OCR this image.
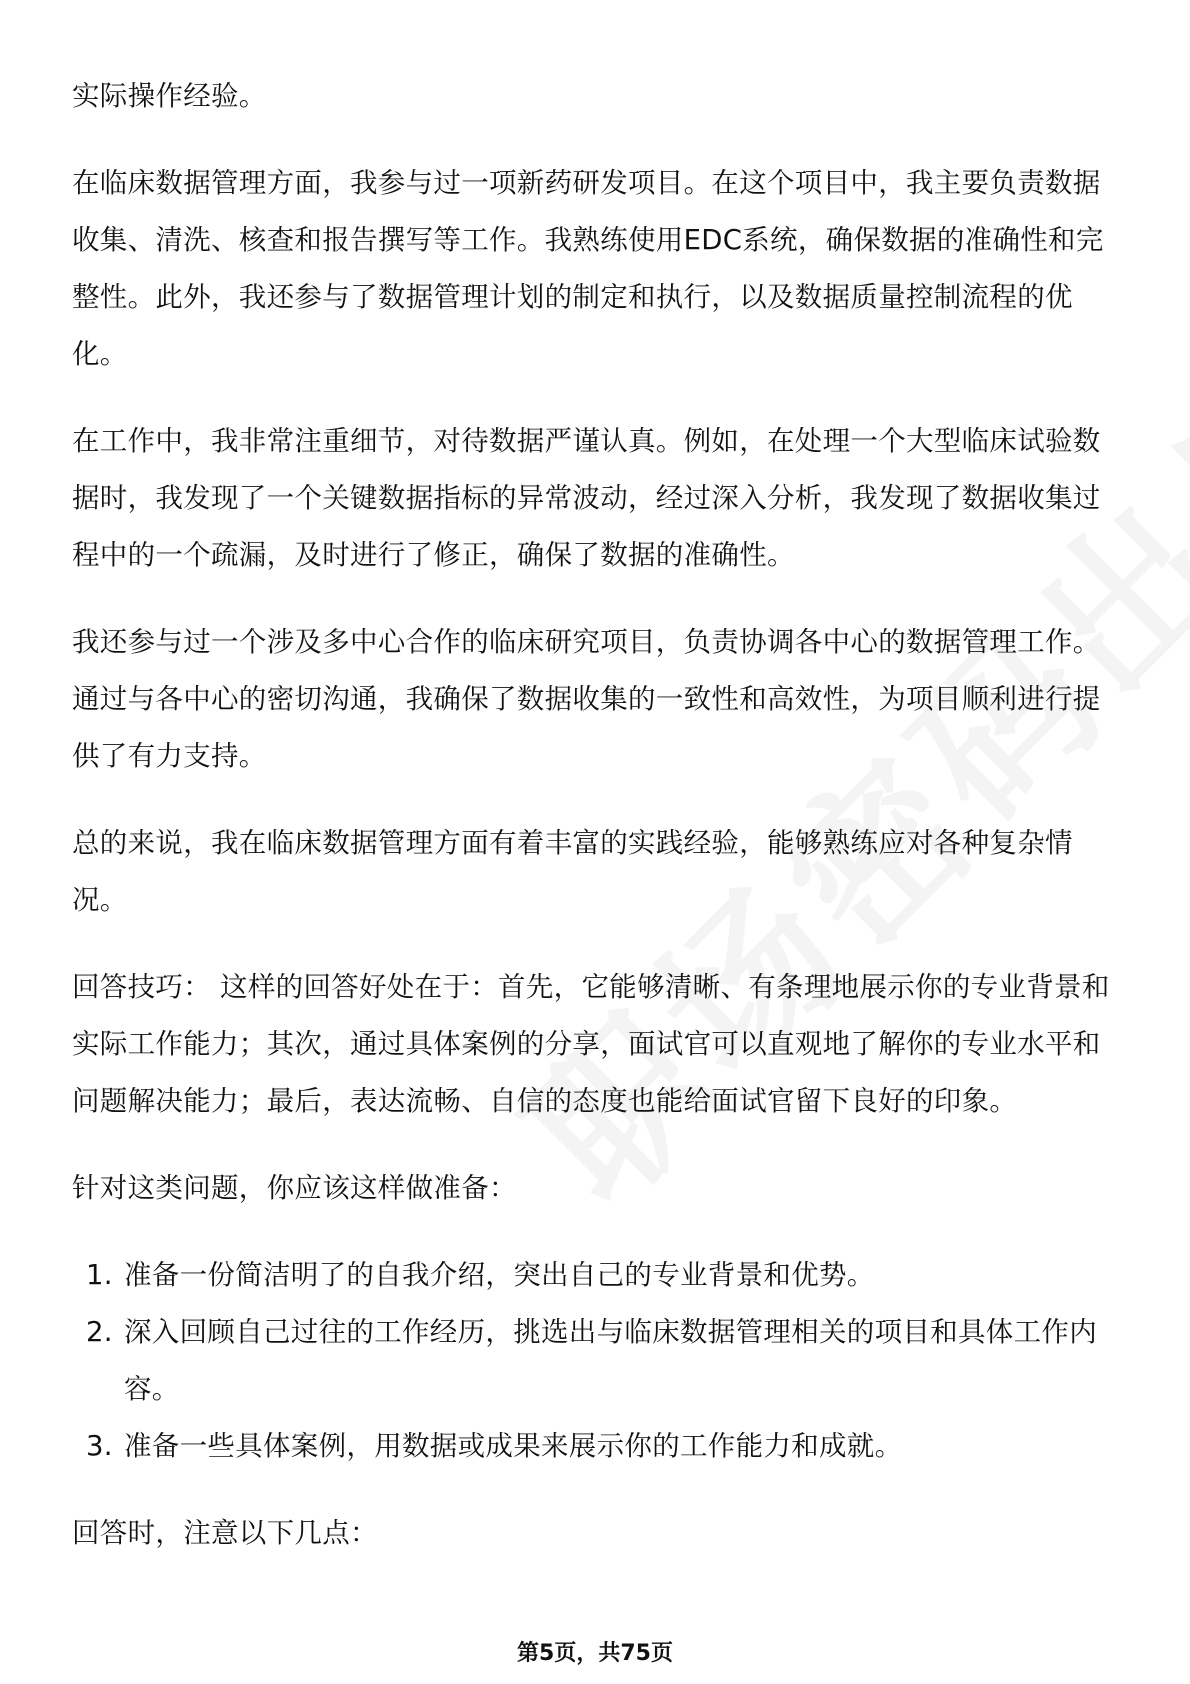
实际操作经验。

在临床数据管理方面，我参与过一项新药研发项目。在这个项目中，我主要负责数据收集、清洗、核查和报告撰写等工作。我熟练使用EDC系统，确保数据的准确性和完整性。此外，我还参与了数据管理计划的制定和执行，以及数据质量控制流程的优化。

在工作中，我非常注重细节，对待数据严谨认真。例如，在处理一个大型临床试验数据时，我发现了一个关键数据指标的异常波动，经过深入分析，我发现了数据收集过程中的一个疏漏，及时进行了修正，确保了数据的准确性。

我还参与过一个涉及多中心合作的临床研究项目，负责协调各中心的数据管理工作。通过与各中心的密切沟通，我确保了数据收集的一致性和高效性，为项目顺利进行提供了有力支持。

总的来说，我在临床数据管理方面有着丰富的实践经验，能够熟练应对各种复杂情况。

回答技巧： 这样的回答好处在于：首先，它能够清晰、有条理地展示你的专业背景和实际工作能力；其次，通过具体案例的分享，面试官可以直观地了解你的专业水平和问题解决能力；最后，表达流畅、自信的态度也能给面试官留下良好的印象。

针对这类问题，你应该这样做准备：

1. 准备一份简洁明了的自我介绍，突出自己的专业背景和优势。
2. 深入回顾自己过往的工作经历，挑选出与临床数据管理相关的项目和具体工作内容。
3. 准备一些具体案例，用数据或成果来展示你的工作能力和成就。

回答时，注意以下几点：

第5页，共75页
